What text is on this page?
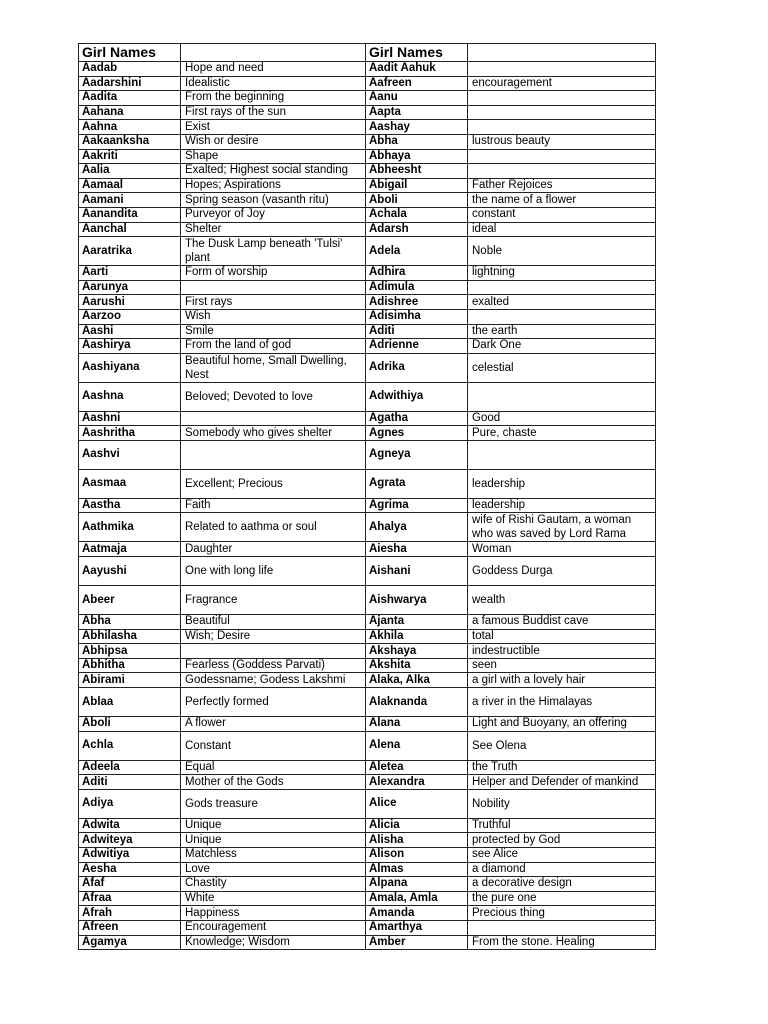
Girl Names		Girl Names	
Aadab	Hope and need	Aadit Aahuk	
Aadarshini	Idealistic	Aafreen	encouragement
Aadita	From the beginning	Aanu	
Aahana	First rays of the sun	Aapta	
Aahna	Exist	Aashay	
Aakaanksha	Wish or desire	Abha	lustrous beauty
Aakriti	Shape	Abhaya	
Aalia	Exalted; Highest social standing	Abheesht	
Aamaal	Hopes; Aspirations	Abigail	Father Rejoices
Aamani	Spring season (vasanth ritu)	Aboli	the name of a flower
Aanandita	Purveyor of Joy	Achala	constant
Aanchal	Shelter	Adarsh	ideal
Aaratrika	The Dusk Lamp beneath 'Tulsi' plant	Adela	Noble
Aarti	Form of worship	Adhira	lightning
Aarunya		Adimula	
Aarushi	First rays	Adishree	exalted
Aarzoo	Wish	Adisimha	
Aashi	Smile	Aditi	the earth
Aashirya	From the land of god	Adrienne	Dark One
Aashiyana	Beautiful home, Small Dwelling, Nest	Adrika	celestial
Aashna	Beloved; Devoted to love	Adwithiya	
Aashni		Agatha	Good
Aashritha	Somebody who gives shelter	Agnes	Pure, chaste
Aashvi		Agneya	
Aasmaa	Excellent; Precious	Agrata	leadership
Aastha	Faith	Agrima	leadership
Aathmika	Related to aathma or soul	Ahalya	wife of Rishi Gautam, a woman who was saved by Lord Rama
Aatmaja	Daughter	Aiesha	Woman
Aayushi	One with long life	Aishani	Goddess Durga
Abeer	Fragrance	Aishwarya	wealth
Abha	Beautiful	Ajanta	a famous Buddist cave
Abhilasha	Wish; Desire	Akhila	total
Abhipsa		Akshaya	indestructible
Abhitha	Fearless (Goddess Parvati)	Akshita	seen
Abirami	Godessname; Godess Lakshmi	Alaka, Alka	a girl with a lovely hair
Ablaa	Perfectly formed	Alaknanda	a river in the Himalayas
Aboli	A flower	Alana	Light and Buoyany, an offering
Achla	Constant	Alena	See Olena
Adeela	Equal	Aletea	the Truth
Aditi	Mother of the Gods	Alexandra	Helper and Defender of mankind
Adiya	Gods treasure	Alice	Nobility
Adwita	Unique	Alicia	Truthful
Adwiteya	Unique	Alisha	protected by God
Adwitiya	Matchless	Alison	see Alice
Aesha	Love	Almas	a diamond
Afaf	Chastity	Alpana	a decorative design
Afraa	White	Amala, Amla	the pure one
Afrah	Happiness	Amanda	Precious thing
Afreen	Encouragement	Amarthya	
Agamya	Knowledge; Wisdom	Amber	From the stone. Healing
